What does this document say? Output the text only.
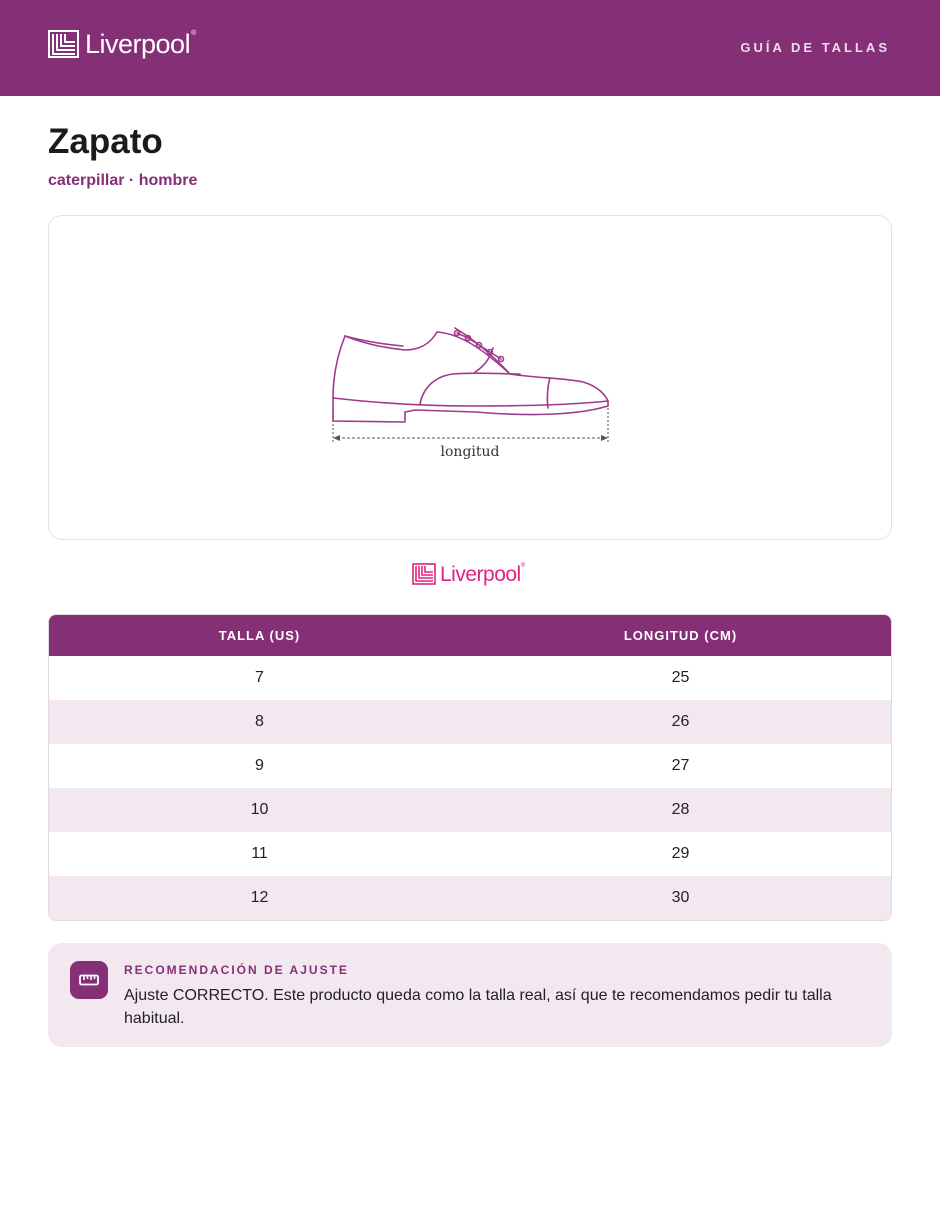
Liverpool ®
GUÍA DE TALLAS
Zapato
caterpillar · hombre
longitud
Liverpool ®
TALLA (US)	LONGITUD (CM)
7	25
8	26
9	27
10	28
11	29
12	30
RECOMENDACIÓN DE AJUSTE

Ajuste CORRECTO. Este producto queda como la talla real, así que te recomendamos pedir tu talla habitual.
